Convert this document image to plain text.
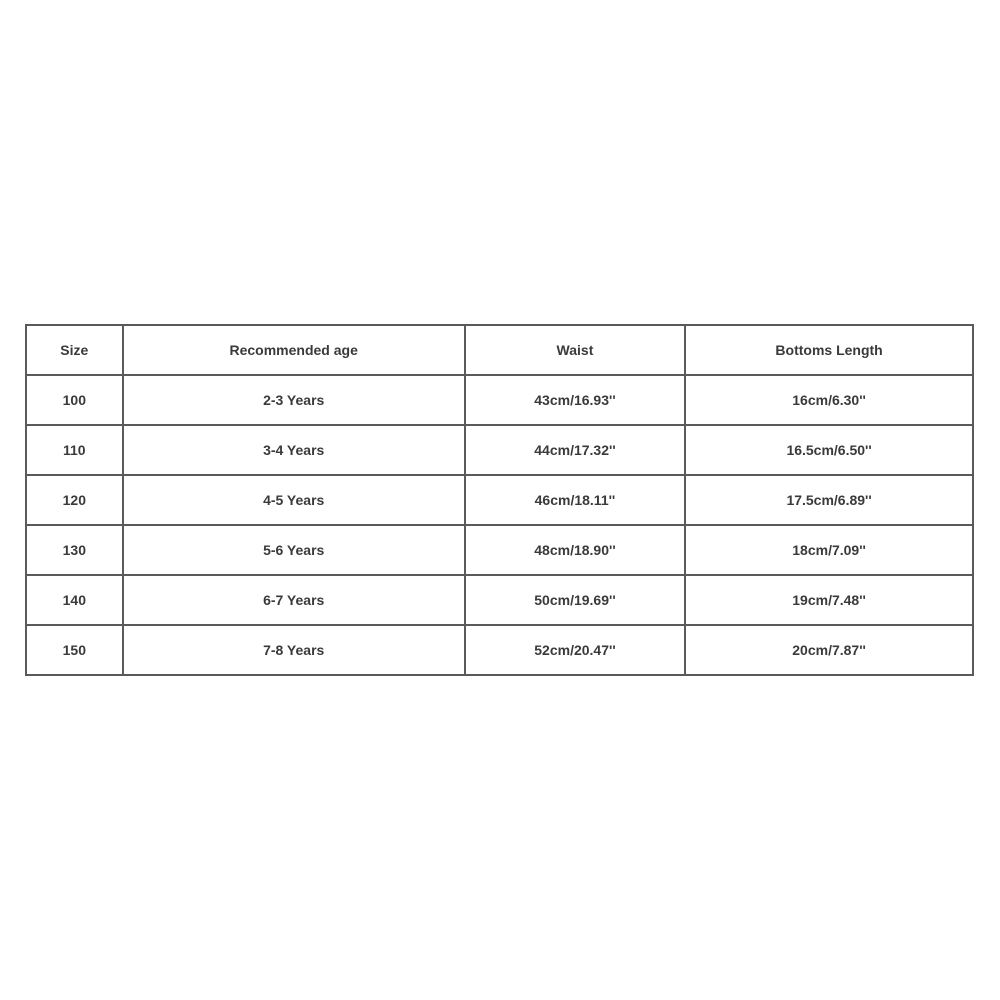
Size	Recommended age	Waist	Bottoms Length
100	2-3 Years	43cm/16.93''	16cm/6.30''
110	3-4 Years	44cm/17.32''	16.5cm/6.50''
120	4-5 Years	46cm/18.11''	17.5cm/6.89''
130	5-6 Years	48cm/18.90''	18cm/7.09''
140	6-7 Years	50cm/19.69''	19cm/7.48''
150	7-8 Years	52cm/20.47''	20cm/7.87''
